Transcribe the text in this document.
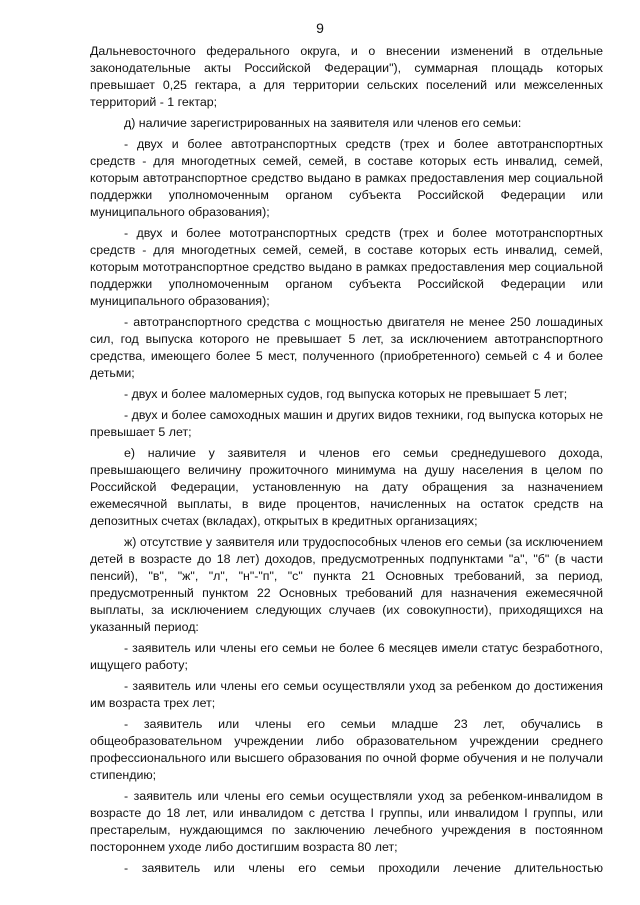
9

Дальневосточного федерального округа, и о внесении изменений в отдельные законодательные акты Российской Федерации"), суммарная площадь которых превышает 0,25 гектара, а для территории сельских поселений или межселенных территорий - 1 гектар;

д) наличие зарегистрированных на заявителя или членов его семьи:

- двух и более автотранспортных средств (трех и более автотранспортных средств - для многодетных семей, семей, в составе которых есть инвалид, семей, которым автотранспортное средство выдано в рамках предоставления мер социальной поддержки уполномоченным органом субъекта Российской Федерации или муниципального образования);

- двух и более мототранспортных средств (трех и более мототранспортных средств - для многодетных семей, семей, в составе которых есть инвалид, семей, которым мототранспортное средство выдано в рамках предоставления мер социальной поддержки уполномоченным органом субъекта Российской Федерации или муниципального образования);

- автотранспортного средства с мощностью двигателя не менее 250 лошадиных сил, год выпуска которого не превышает 5 лет, за исключением автотранспортного средства, имеющего более 5 мест, полученного (приобретенного) семьей с 4 и более детьми;

- двух и более маломерных судов, год выпуска которых не превышает 5 лет;

- двух и более самоходных машин и других видов техники, год выпуска которых не превышает 5 лет;

е) наличие у заявителя и членов его семьи среднедушевого дохода, превышающего величину прожиточного минимума на душу населения в целом по Российской Федерации, установленную на дату обращения за назначением ежемесячной выплаты, в виде процентов, начисленных на остаток средств на депозитных счетах (вкладах), открытых в кредитных организациях;

ж) отсутствие у заявителя или трудоспособных членов его семьи (за исключением детей в возрасте до 18 лет) доходов, предусмотренных подпунктами "а", "б" (в части пенсий), "в", "ж", "л", "н"-"п", "с" пункта 21 Основных требований, за период, предусмотренный пунктом 22 Основных требований для назначения ежемесячной выплаты, за исключением следующих случаев (их совокупности), приходящихся на указанный период:

- заявитель или члены его семьи не более 6 месяцев имели статус безработного, ищущего работу;

- заявитель или члены его семьи осуществляли уход за ребенком до достижения им возраста трех лет;

- заявитель или члены его семьи младше 23 лет, обучались в общеобразовательном учреждении либо образовательном учреждении среднего профессионального или высшего образования по очной форме обучения и не получали стипендию;

- заявитель или члены его семьи осуществляли уход за ребенком-инвалидом в возрасте до 18 лет, или инвалидом с детства I группы, или инвалидом I группы, или престарелым, нуждающимся по заключению лечебного учреждения в постоянном постороннем уходе либо достигшим возраста 80 лет;

- заявитель или члены его семьи проходили лечение длительностью
